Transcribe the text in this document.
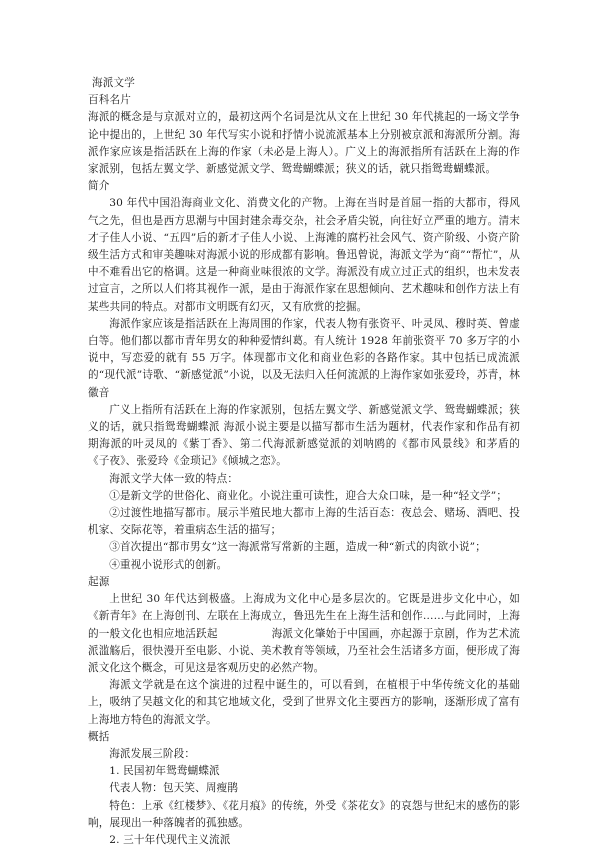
海派文学

百科名片

海派的概念是与京派对立的，最初这两个名词是沈从文在上世纪 30 年代挑起的一场文学争论中提出的，上世纪 30 年代写实小说和抒情小说流派基本上分别被京派和海派所分割。海派作家应该是指活跃在上海的作家（未必是上海人）。广义上的海派指所有活跃在上海的作家派别，包括左翼文学、新感觉派文学、鸳鸯蝴蝶派；狭义的话，就只指鸳鸯蝴蝶派。

简介

30 年代中国沿海商业文化、消费文化的产物。上海在当时是首屈一指的大都市，得风气之先，但也是西方思潮与中国封建余毒交杂，社会矛盾尖锐，向往好立严重的地方。清末才子佳人小说、“五四”后的新才子佳人小说、上海滩的腐朽社会风气、资产阶级、小资产阶级生活方式和审美趣味对海派小说的形成都有影响。鲁迅曾说，海派文学为“商”“帮忙”，从中不难看出它的格调。这是一种商业味很浓的文学。海派没有成立过正式的组织，也未发表过宣言，之所以人们将其视作一派，是由于海派作家在思想倾向、艺术趣味和创作方法上有某些共同的特点。对都市文明既有幻灭，又有欣赏的挖掘。

海派作家应该是指活跃在上海周围的作家，代表人物有张资平、叶灵凤、穆时英、曾虚白等。他们都以都市青年男女的种种爱情纠葛。有人统计 1928 年前张资平 70 多万字的小说中，写恋爱的就有 55 万字。体现都市文化和商业色彩的各路作家。其中包括已成流派的“现代派”诗歌、“新感觉派”小说，以及无法归入任何流派的上海作家如张爱玲，苏青，林徽音

广义上指所有活跃在上海的作家派别，包括左翼文学、新感觉派文学、鸳鸯蝴蝶派；狭义的话，就只指鸳鸯蝴蝶派 海派小说主要是以描写都市生活为题材，代表作家和作品有初期海派的叶灵凤的《紫丁香》、第二代海派新感觉派的刘呐鸥的《都市风景线》和茅盾的《子夜》、张爱玲《金琐记》《倾城之恋》。

海派文学大体一致的特点：

①是新文学的世俗化、商业化。小说注重可读性，迎合大众口味，是一种“轻文学”；

②过渡性地描写都市。展示半殖民地大都市上海的生活百态：夜总会、赌场、酒吧、投机家、交际花等，着重病态生活的描写；

③首次提出“都市男女”这一海派常写常新的主题，造成一种“新式的肉欲小说”；

④重视小说形式的创新。

起源

上世纪 30 年代达到极盛。上海成为文化中心是多层次的。它既是进步文化中心，如《新青年》在上海创刊、左联在上海成立，鲁迅先生在上海生活和创作……与此同时，上海的一般文化也相应地活跃起　　　　　海派文化肇始于中国画，亦起源于京剧，作为艺术流派滥觞后，很快漫开至电影、小说、美术教育等领域，乃至社会生活诸多方面，便形成了海派文化这个概念，可见这是客观历史的必然产物。

海派文学就是在这个演进的过程中诞生的，可以看到，在植根于中华传统文化的基础上，吸纳了吴越文化的和其它地域文化，受到了世界文化主要西方的影响，逐渐形成了富有上海地方特色的海派文学。

概括

海派发展三阶段：

1. 民国初年鸳鸯蝴蝶派

代表人物：包天笑、周瘦鹃

特色：上承《红楼梦》、《花月痕》的传统，外受《茶花女》的哀怨与世纪末的感伤的影响，展现出一种落魄者的孤独感。

2. 三十年代现代主义流派
